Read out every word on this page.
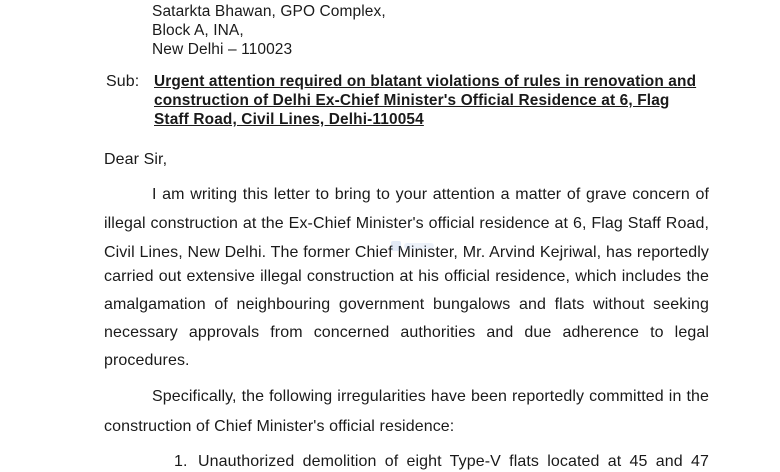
Satarkta Bhawan, GPO Complex,
Block A, INA,
New Delhi – 110023
Sub: Urgent attention required on blatant violations of rules in renovation and
construction of Delhi Ex-Chief Minister's Official Residence at 6, Flag
Staff Road, Civil Lines, Delhi-110054
Dear Sir,
I am writing this letter to bring to your attention a matter of grave concern of
illegal construction at the Ex-Chief Minister's official residence at 6, Flag Staff Road,
Civil Lines, New Delhi. The former Chief Minister, Mr. Arvind Kejriwal, has reportedly
carried out extensive illegal construction at his official residence, which includes the
amalgamation of neighbouring government bungalows and flats without seeking
necessary approvals from concerned authorities and due adherence to legal
procedures.
Specifically, the following irregularities have been reportedly committed in the
construction of Chief Minister's official residence:
1. Unauthorized demolition of eight Type-V flats located at 45 and 47
